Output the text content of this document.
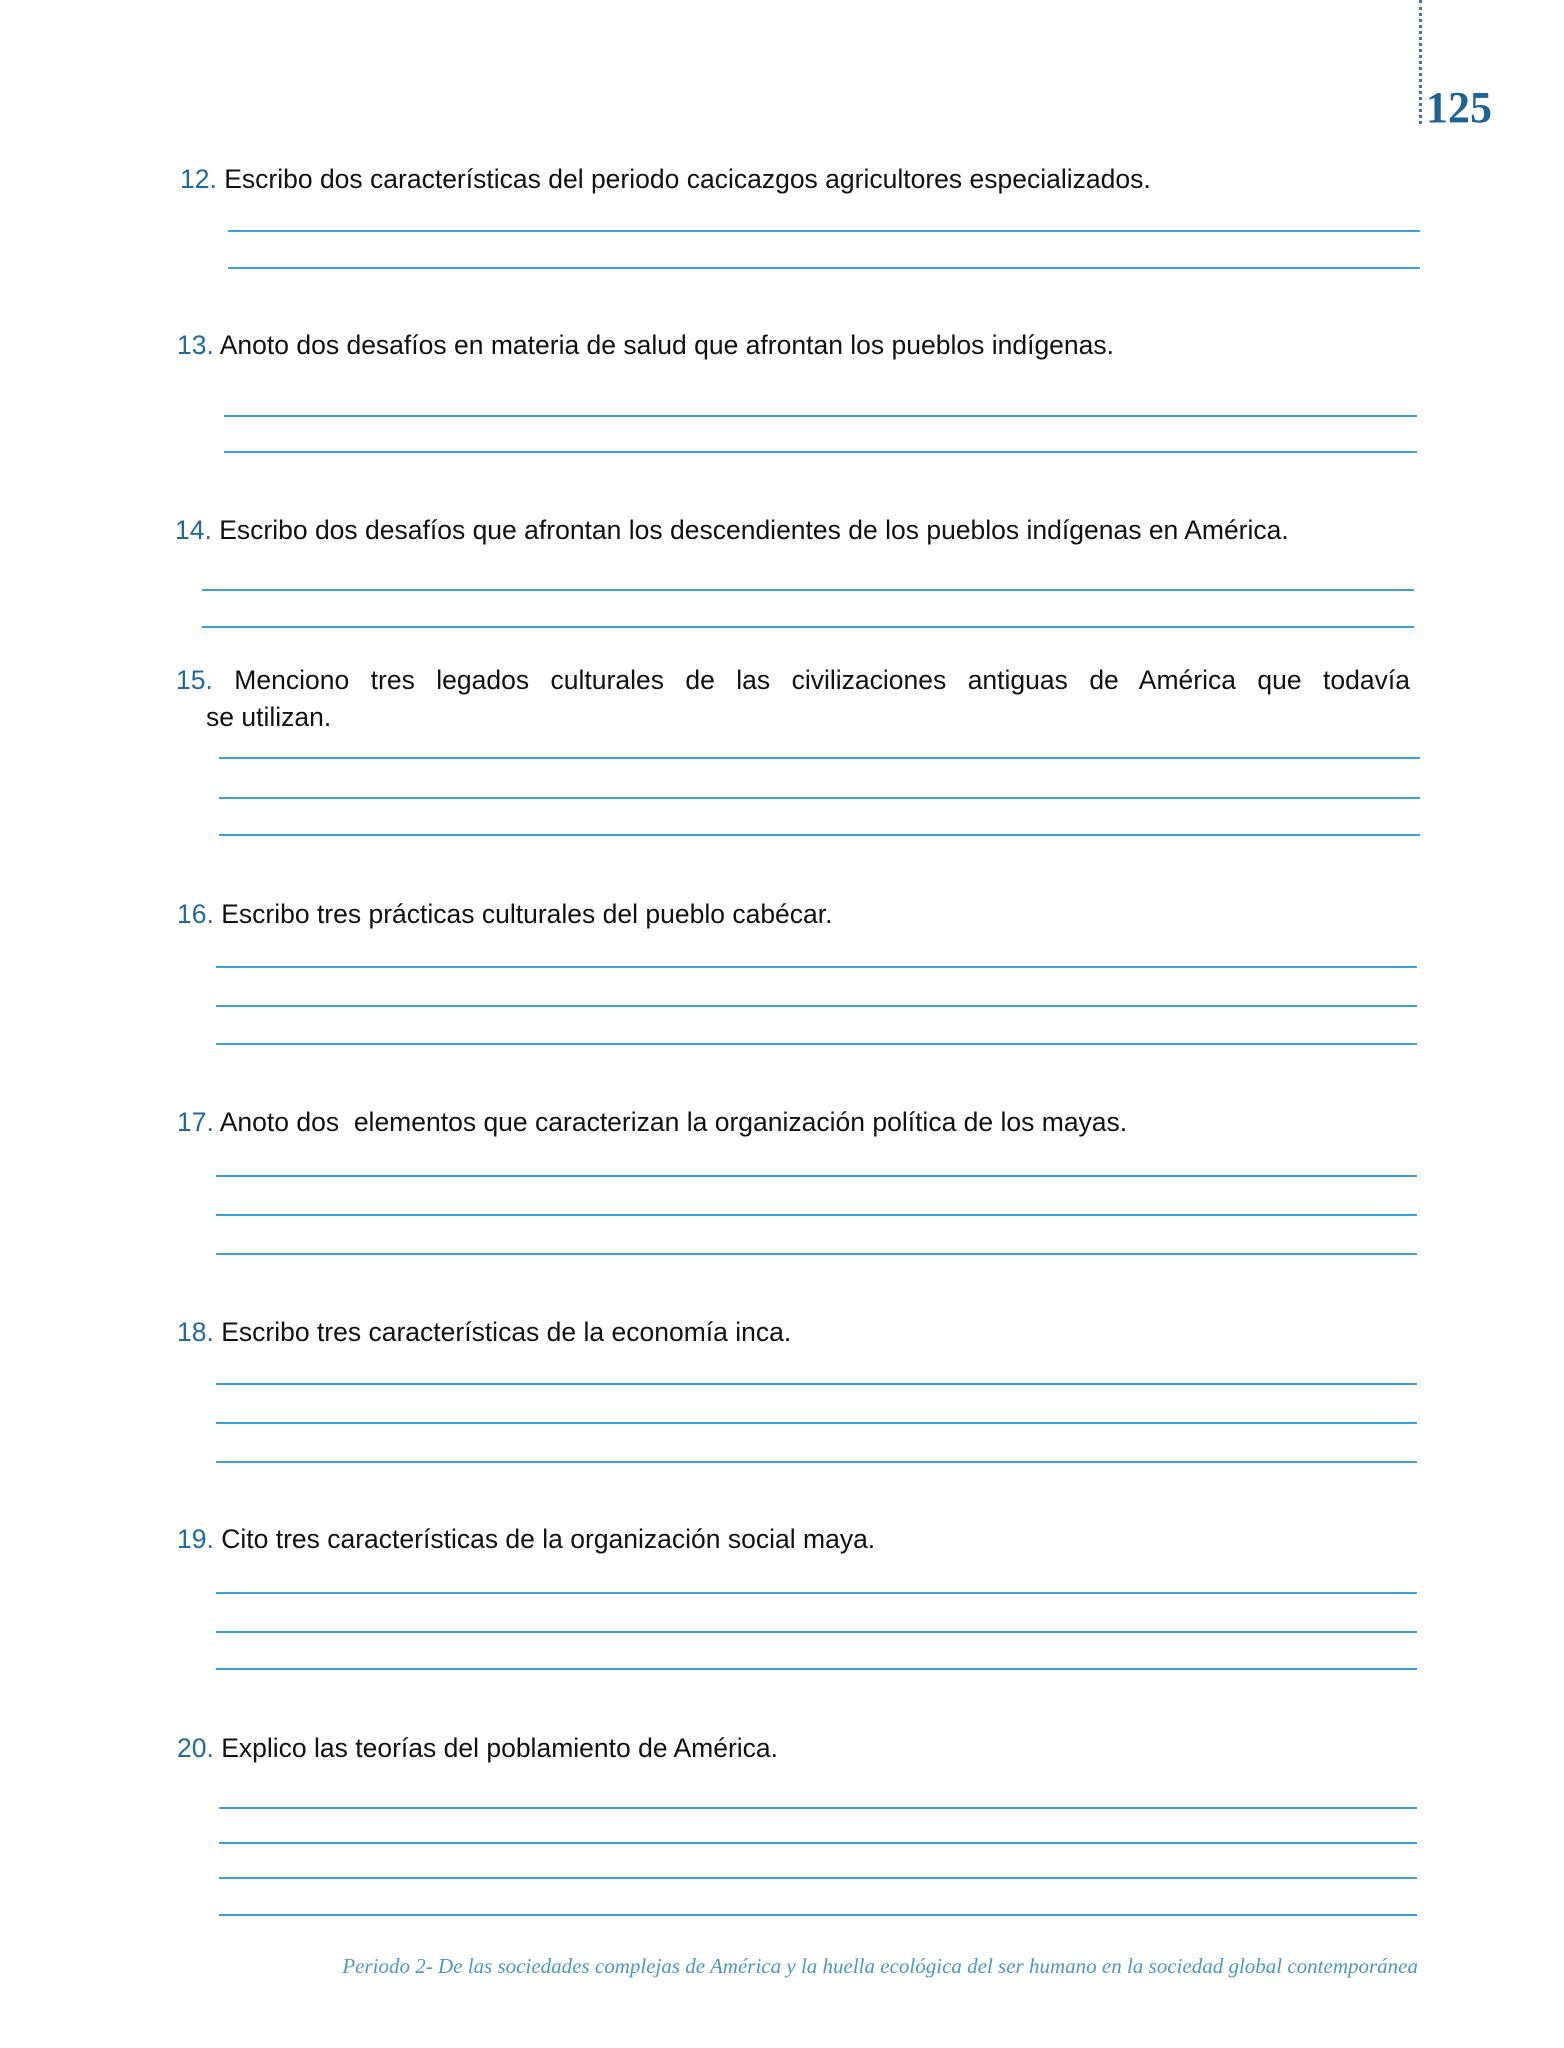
125
12. Escribo dos características del periodo cacicazgos agricultores especializados.
13. Anoto dos desafíos en materia de salud que afrontan los pueblos indígenas.
14. Escribo dos desafíos que afrontan los descendientes de los pueblos indígenas en América.
15. Menciono tres legados culturales de las civilizaciones antiguas de América que todavía
se utilizan.
16. Escribo tres prácticas culturales del pueblo cabécar.
17. Anoto dos  elementos que caracterizan la organización política de los mayas.
18. Escribo tres características de la economía inca.
19. Cito tres características de la organización social maya.
20. Explico las teorías del poblamiento de América.
Periodo 2- De las sociedades complejas de América y la huella ecológica del ser humano en la sociedad global contemporánea
